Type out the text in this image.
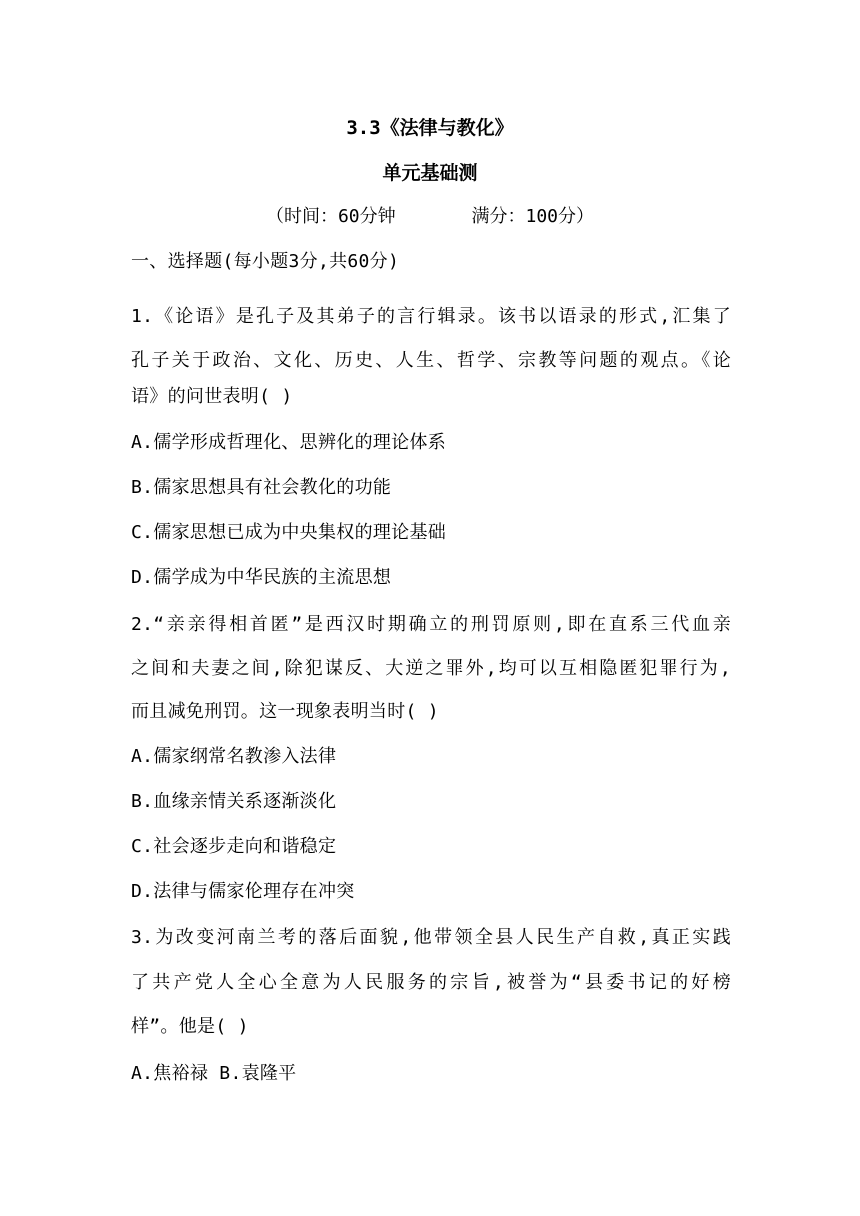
3.3《法律与教化》
单元基础测
（时间：60分钟       满分：100分）
一、选择题(每小题3分,共60分)
1.《论语》是孔子及其弟子的言行辑录。该书以语录的形式,汇集了
孔子关于政治、文化、历史、人生、哲学、宗教等问题的观点。《论
语》的问世表明( )
A.儒学形成哲理化、思辨化的理论体系
B.儒家思想具有社会教化的功能
C.儒家思想已成为中央集权的理论基础
D.儒学成为中华民族的主流思想
2.“亲亲得相首匿”是西汉时期确立的刑罚原则,即在直系三代血亲
之间和夫妻之间,除犯谋反、大逆之罪外,均可以互相隐匿犯罪行为,
而且减免刑罚。这一现象表明当时( )
A.儒家纲常名教渗入法律
B.血缘亲情关系逐渐淡化
C.社会逐步走向和谐稳定
D.法律与儒家伦理存在冲突
3.为改变河南兰考的落后面貌,他带领全县人民生产自救,真正实践
了共产党人全心全意为人民服务的宗旨,被誉为“县委书记的好榜
样”。他是( )
A.焦裕禄 B.袁隆平
